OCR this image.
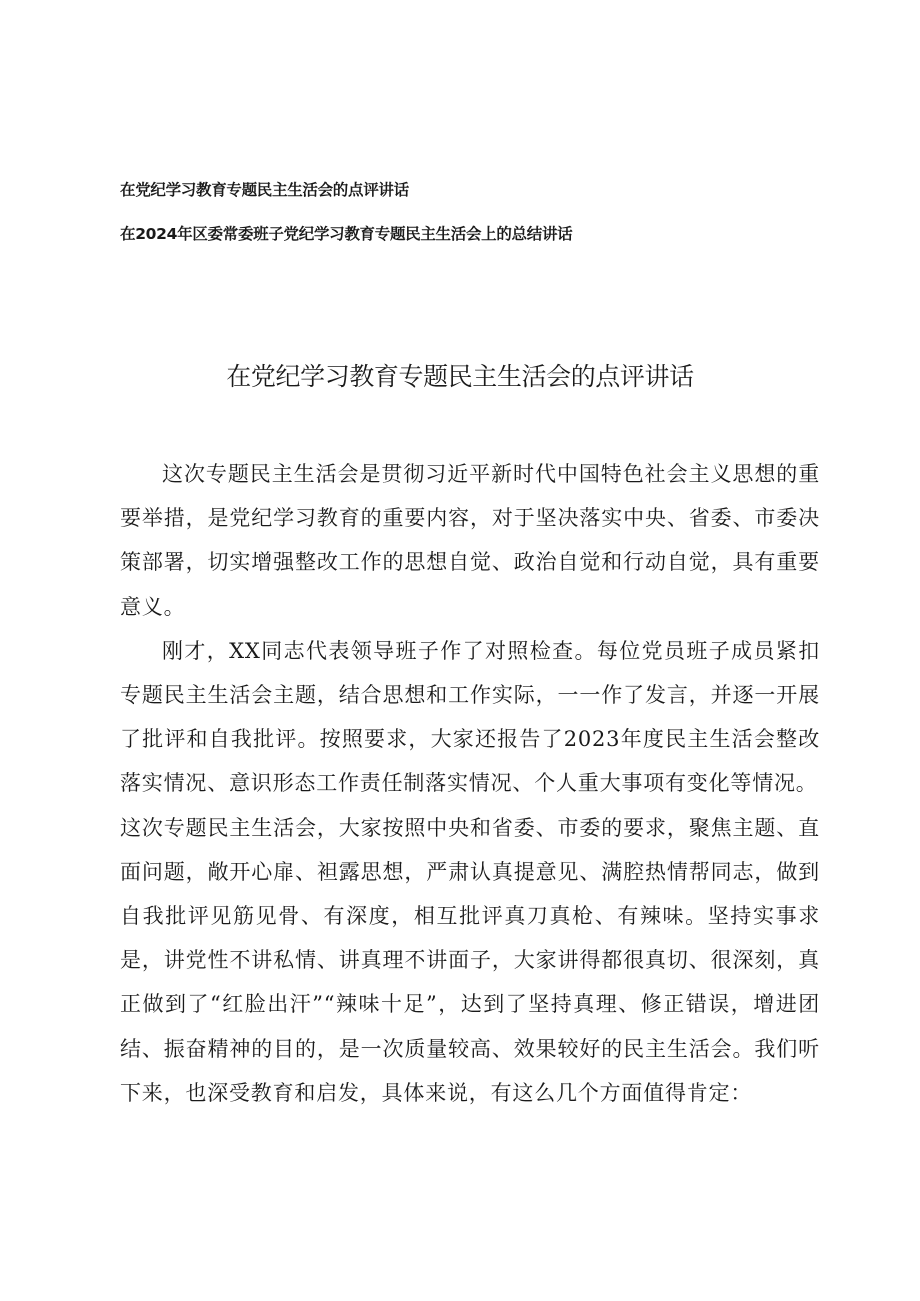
在党纪学习教育专题民主生活会的点评讲话
在2024年区委常委班子党纪学习教育专题民主生活会上的总结讲话
在党纪学习教育专题民主生活会的点评讲话

这次专题民主生活会是贯彻习近平新时代中国特色社会主义思想的重要举措，是党纪学习教育的重要内容，对于坚决落实中央、省委、市委决策部署，切实增强整改工作的思想自觉、政治自觉和行动自觉，具有重要意义。

刚才，XX同志代表领导班子作了对照检查。每位党员班子成员紧扣专题民主生活会主题，结合思想和工作实际，一一作了发言，并逐一开展了批评和自我批评。按照要求，大家还报告了2023年度民主生活会整改落实情况、意识形态工作责任制落实情况、个人重大事项有变化等情况。

这次专题民主生活会，大家按照中央和省委、市委的要求，聚焦主题、直面问题，敞开心扉、袒露思想，严肃认真提意见、满腔热情帮同志，做到自我批评见筋见骨、有深度，相互批评真刀真枪、有辣味。坚持实事求是，讲党性不讲私情、讲真理不讲面子，大家讲得都很真切、很深刻，真正做到了“红脸出汗”“辣味十足”，达到了坚持真理、修正错误，增进团结、振奋精神的目的，是一次质量较高、效果较好的民主生活会。我们听下来，也深受教育和启发，具体来说，有这么几个方面值得肯定：
